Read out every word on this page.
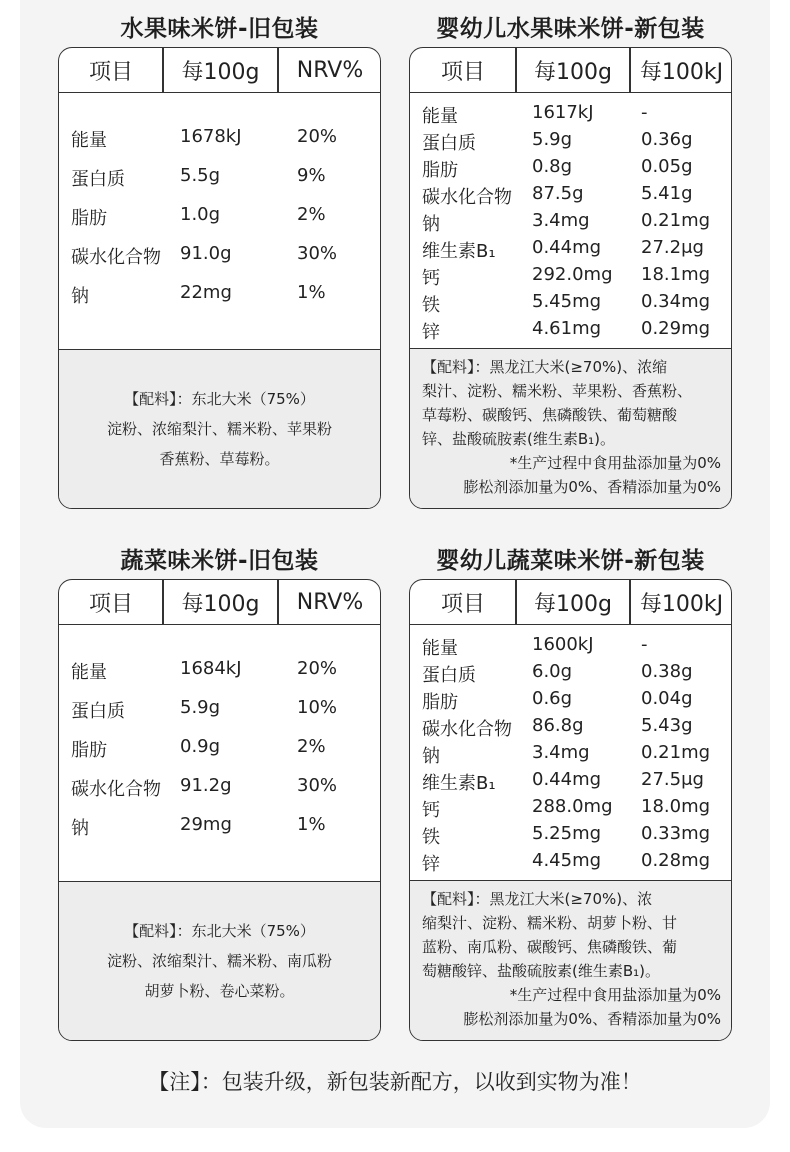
水果味米饼-旧包装
项目	每100g	NRV%
能量	1678kJ	20%
蛋白质	5.5g	9%
脂肪	1.0g	2%
碳水化合物 91.0g	30%
钠	22mg	1%
【配料】：东北大米（75%）
淀粉、浓缩梨汁、糯米粉、苹果粉
香蕉粉、草莓粉。
婴幼儿水果味米饼-新包装
项目	每100g	每100kJ
能量	1617kJ	-
蛋白质	5.9g	0.36g
脂肪	0.8g	0.05g
碳水化合物 87.5g	5.41g
钠	3.4mg	0.21mg
维生素B₁ 0.44mg 27.2μg
钙	292.0mg 18.1mg
铁	5.45mg 0.34mg
锌	4.61mg 0.29mg
【配料】：黑龙江大米(≥70%)、浓缩
梨汁、淀粉、糯米粉、苹果粉、香蕉粉、
草莓粉、碳酸钙、焦磷酸铁、葡萄糖酸
锌、盐酸硫胺素(维生素B₁)。
*生产过程中食用盐添加量为0%
膨松剂添加量为0%、香精添加量为0%
蔬菜味米饼-旧包装
项目	每100g	NRV%
能量	1684kJ	20%
蛋白质	5.9g	10%
脂肪	0.9g	2%
碳水化合物 91.2g	30%
钠	29mg	1%
【配料】：东北大米（75%）
淀粉、浓缩梨汁、糯米粉、南瓜粉
胡萝卜粉、卷心菜粉。
婴幼儿蔬菜味米饼-新包装
项目	每100g	每100kJ
能量	1600kJ	-
蛋白质	6.0g	0.38g
脂肪	0.6g	0.04g
碳水化合物 86.8g	5.43g
钠	3.4mg	0.21mg
维生素B₁ 0.44mg 27.5μg
钙	288.0mg 18.0mg
铁	5.25mg 0.33mg
锌	4.45mg 0.28mg
【配料】：黑龙江大米(≥70%)、浓
缩梨汁、淀粉、糯米粉、胡萝卜粉、甘
蓝粉、南瓜粉、碳酸钙、焦磷酸铁、葡
萄糖酸锌、盐酸硫胺素(维生素B₁)。
*生产过程中食用盐添加量为0%
膨松剂添加量为0%、香精添加量为0%
【注】：包装升级，新包装新配方，以收到实物为准！
